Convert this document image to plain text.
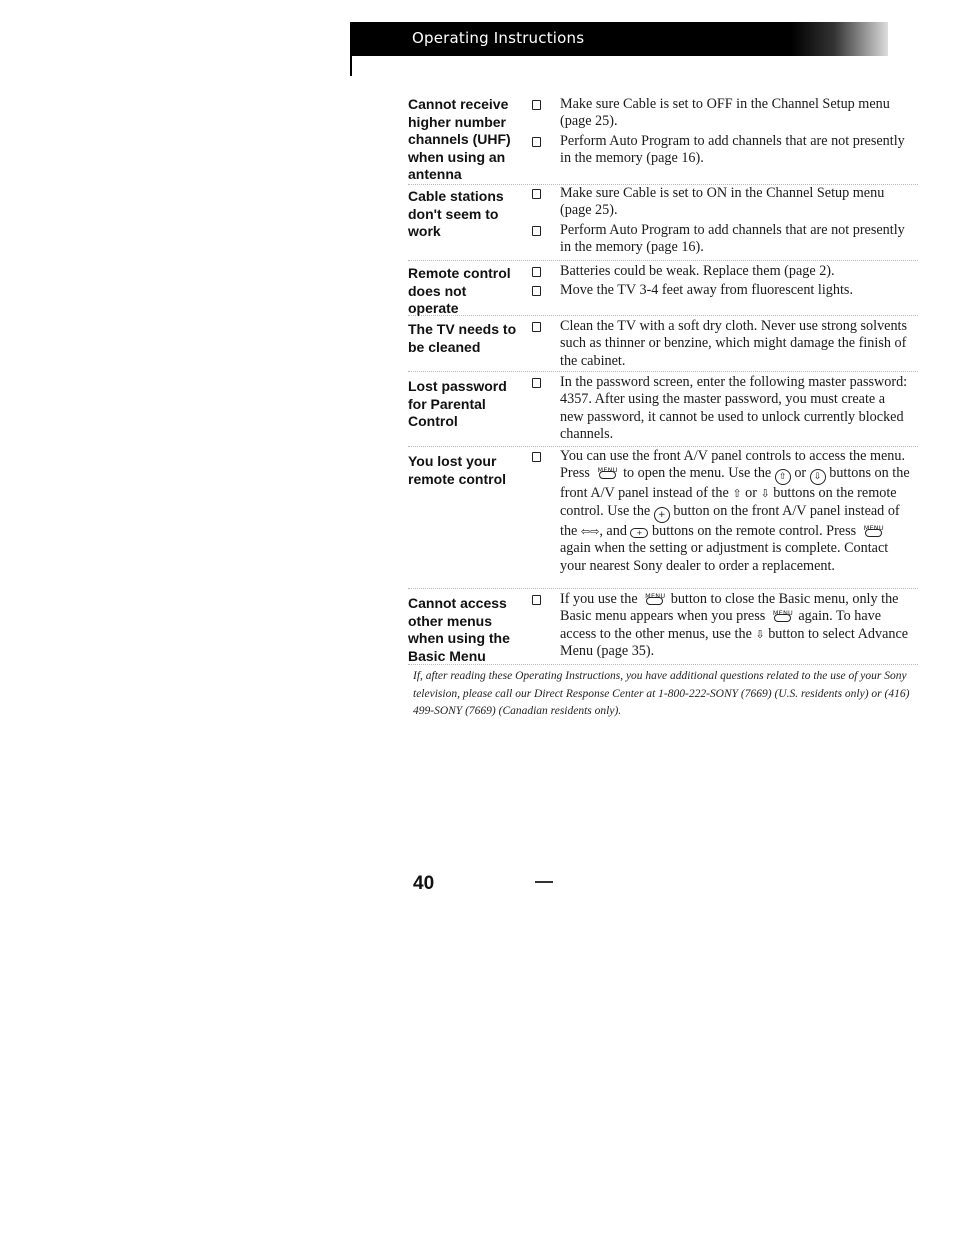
Operating Instructions
Cannot receive higher number channels (UHF) when using an antenna
Make sure Cable is set to OFF in the Channel Setup menu (page 25).
Perform Auto Program to add channels that are not presently in the memory (page 16).
Cable stations don't seem to work
Make sure Cable is set to ON in the Channel Setup menu (page 25).
Perform Auto Program to add channels that are not presently in the memory (page 16).
Remote control does not operate
Batteries could be weak. Replace them (page 2).
Move the TV 3-4 feet away from fluorescent lights.
The TV needs to be cleaned
Clean the TV with a soft dry cloth. Never use strong solvents such as thinner or benzine, which might damage the finish of the cabinet.
Lost password for Parental Control
In the password screen, enter the following master password: 4357. After using the master password, you must create a new password, it cannot be used to unlock currently blocked channels.
You lost your remote control
You can use the front A/V panel controls to access the menu. Press MENU to open the menu. Use the ⇧ or ⇩ buttons on the front A/V panel instead of the ⇧ or ⇩ buttons on the remote control. Use the + button on the front A/V panel instead of the ⇦⇨, and + buttons on the remote control. Press MENU
again when the setting or adjustment is complete. Contact your nearest Sony dealer to order a replacement.
Cannot access other menus when using the Basic Menu
If you use the MENU button to close the Basic menu, only the Basic menu appears when you press MENU again. To have access to the other menus, use the ⇩ button to select Advance Menu (page 35).
If, after reading these Operating Instructions, you have additional questions related to the use of your Sony television, please call our Direct Response Center at 1-800-222-SONY (7669) (U.S. residents only) or (416) 499-SONY (7669) (Canadian residents only).
40
